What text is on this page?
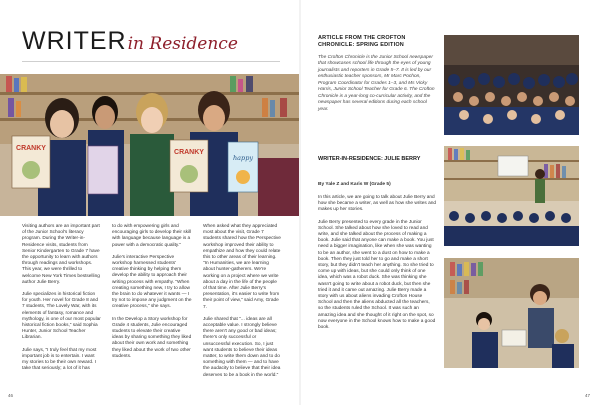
WRITERin Residence
CRANKY
CRANKY
happy

Visiting authors are an important part of the Junior School's literacy program. During the Writer-in-Residence visits, students from Senior Kindergarten to Grade 7 have the opportunity to learn with authors through readings and workshops. This year, we were thrilled to welcome New York Times bestselling author Julie Berry.

Julie specializes in historical fiction for youth. Her novel for Grade 8 and 7 students, The Lovely War, with its elements of fantasy, romance and mythology, is one of our most popular historical fiction books," said Sophia Hunter, Junior School Teacher Librarian.

Julie says, "I truly feel that my most important job is to entertain. I want my stories to be their own reward. I take that seriously; a lot of it has

to do with empowering girls and encouraging girls to develop their skill with language because language is a power with a democratic quality."

Julie's interactive Perspective workshop harnessed students' creative thinking by helping them develop the ability to approach their writing process with empathy. "When creating something new, I try to allow the brain to do whatever it wants — I try not to impose any judgment on the creative process," she says.

In the Develop a Story workshop for Grade 4 students, Julie encouraged students to elevate their creative ideas by sharing something they liked about their own work and something they liked about the work of two other students.

When asked what they appreciated most about the visit, Grade 7 students shared how the Perspective workshop improved their ability to empathize and how they could relate this to other areas of their learning. "In Humanities, we are learning about hunter-gatherers. We're working on a project where we write about a day in the life of the people of that time. After Julie Berry's presentation, it's easier to write from their point of view," said Amy, Grade 7.

Julie shared that "... ideas are all acceptable value. I strongly believe there aren't any good or bad ideas; there's only successful or unsuccessful execution. So, I just want students to believe their ideas matter, to write them down and to do something with them — and to have the audacity to believe that their idea deserves to be a book in the world."

46

ARTICLE FROM THE CROFTON CHRONICLE: SPRING EDITION

The Crofton Chronicle is the Junior School newspaper that showcases school life through the eyes of young journalists and reporters in Grade 5–7. It is led by our enthusiastic teacher sponsors, Mr Marc Pochon, Program Coordinator for Grades 1–3, and Ms Vicky Harris, Junior School Teacher for Grade 6. The Crofton Chronicle is a year-long co-curricular activity, and the newspaper has several editions during each school year.

WRITER-IN-RESIDENCE: JULIE BERRY
By Yale Z and Karis W (Grade 5)

In this article, we are going to talk about Julie Berry and how she became a writer, as well as how she writes and makes up her stories.

Julie Berry presented to every grade in the Junior School. She talked about how she loved to read and write, and she talked about the process of making a book. Julie said that anyone can make a book. You just need a bigger imagination, like when she was wanting to be an author, she went to a dust on how to make a book. Then they just told her to go and make a short story, but they didn't teach her anything. So she tried to come up with ideas, but she could only think of one idea, which was a robot duck. She was thinking she wasn't going to write about a robot duck, but then she tried it and it came out amazing. Julie Berry made a story with us about aliens invading Crofton House School and then the aliens abducted all the teachers, so the students ruled the School. It was such an amazing idea and she thought of it right on the spot, so now everyone in the School knows how to make a good book.

47
